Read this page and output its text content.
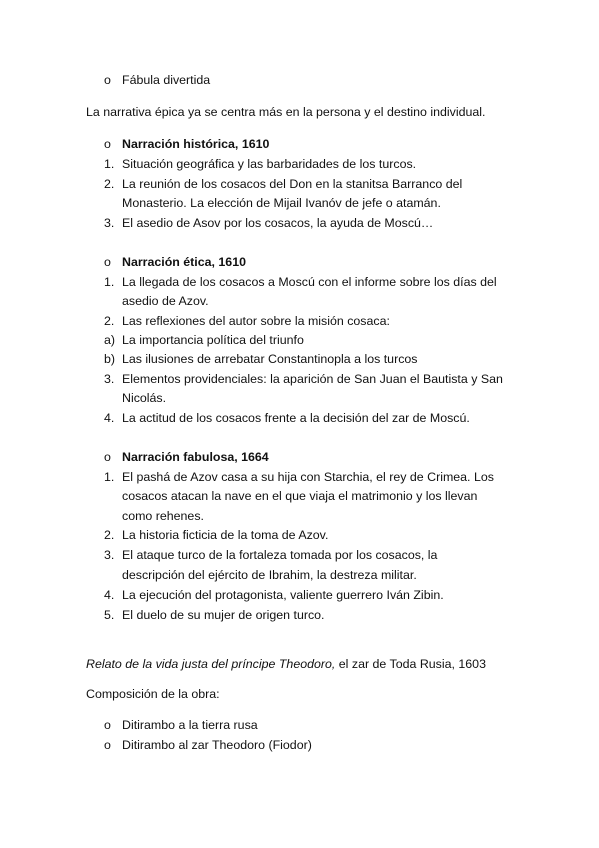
o Fábula divertida
La narrativa épica ya se centra más en la persona y el destino individual.
o Narración histórica, 1610
1. Situación geográfica y las barbaridades de los turcos.
2. La reunión de los cosacos del Don en la stanitsa Barranco del
Monasterio. La elección de Mijail Ivanóv de jefe o atamán.
3. El asedio de Asov por los cosacos, la ayuda de Moscú…
o Narración ética, 1610
1. La llegada de los cosacos a Moscú con el informe sobre los días del
asedio de Azov.
2. Las reflexiones del autor sobre la misión cosaca:
a) La importancia política del triunfo
b) Las ilusiones de arrebatar Constantinopla a los turcos
3. Elementos providenciales: la aparición de San Juan el Bautista y San
Nicolás.
4. La actitud de los cosacos frente a la decisión del zar de Moscú.
o Narración fabulosa, 1664
1. El pashá de Azov casa a su hija con Starchia, el rey de Crimea. Los
cosacos atacan la nave en el que viaja el matrimonio y los llevan
como rehenes.
2. La historia ficticia de la toma de Azov.
3. El ataque turco de la fortaleza tomada por los cosacos, la
descripción del ejército de Ibrahim, la destreza militar.
4. La ejecución del protagonista, valiente guerrero Iván Zibin.
5. El duelo de su mujer de origen turco.
Relato de la vida justa del príncipe Theodoro, el zar de Toda Rusia, 1603
Composición de la obra:
o Ditirambo a la tierra rusa
o Ditirambo al zar Theodoro (Fiodor)
